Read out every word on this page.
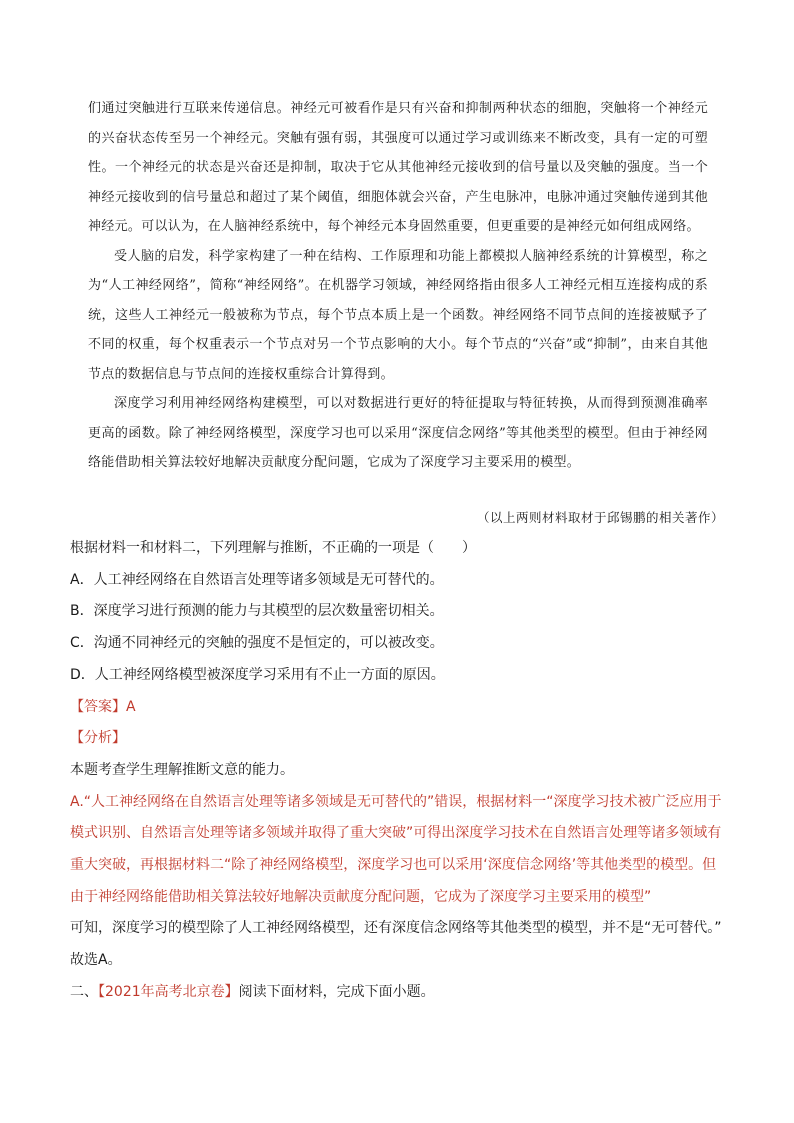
们通过突触进行互联来传递信息。神经元可被看作是只有兴奋和抑制两种状态的细胞，突触将一个神经元的兴奋状态传至另一个神经元。突触有强有弱，其强度可以通过学习或训练来不断改变，具有一定的可塑性。一个神经元的状态是兴奋还是抑制，取决于它从其他神经元接收到的信号量以及突触的强度。当一个神经元接收到的信号量总和超过了某个阈值，细胞体就会兴奋，产生电脉冲，电脉冲通过突触传递到其他神经元。可以认为，在人脑神经系统中，每个神经元本身固然重要，但更重要的是神经元如何组成网络。

受人脑的启发，科学家构建了一种在结构、工作原理和功能上都模拟人脑神经系统的计算模型，称之为“人工神经网络”，简称“神经网络”。在机器学习领域，神经网络指由很多人工神经元相互连接构成的系统，这些人工神经元一般被称为节点，每个节点本质上是一个函数。神经网络不同节点间的连接被赋予了不同的权重，每个权重表示一个节点对另一个节点影响的大小。每个节点的“兴奋”或“抑制”，由来自其他节点的数据信息与节点间的连接权重综合计算得到。

深度学习利用神经网络构建模型，可以对数据进行更好的特征提取与特征转换，从而得到预测准确率更高的函数。除了神经网络模型，深度学习也可以采用“深度信念网络”等其他类型的模型。但由于神经网络能借助相关算法较好地解决贡献度分配问题，它成为了深度学习主要采用的模型。

（以上两则材料取材于邱锡鹏的相关著作）
根据材料一和材料二，下列理解与推断，不正确的一项是（　　）
A．人工神经网络在自然语言处理等诸多领域是无可替代的。
B．深度学习进行预测的能力与其模型的层次数量密切相关。
C．沟通不同神经元的突触的强度不是恒定的，可以被改变。
D．人工神经网络模型被深度学习采用有不止一方面的原因。
【答案】A
【分析】
本题考查学生理解推断文意的能力。
A.“人工神经网络在自然语言处理等诸多领域是无可替代的”错误，根据材料一“深度学习技术被广泛应用于模式识别、自然语言处理等诸多领域并取得了重大突破”可得出深度学习技术在自然语言处理等诸多领域有重大突破，再根据材料二“除了神经网络模型，深度学习也可以采用‘深度信念网络’等其他类型的模型。但由于神经网络能借助相关算法较好地解决贡献度分配问题，它成为了深度学习主要采用的模型”
可知，深度学习的模型除了人工神经网络模型，还有深度信念网络等其他类型的模型，并不是“无可替代。”
故选A。
二、【2021年高考北京卷】阅读下面材料，完成下面小题。
